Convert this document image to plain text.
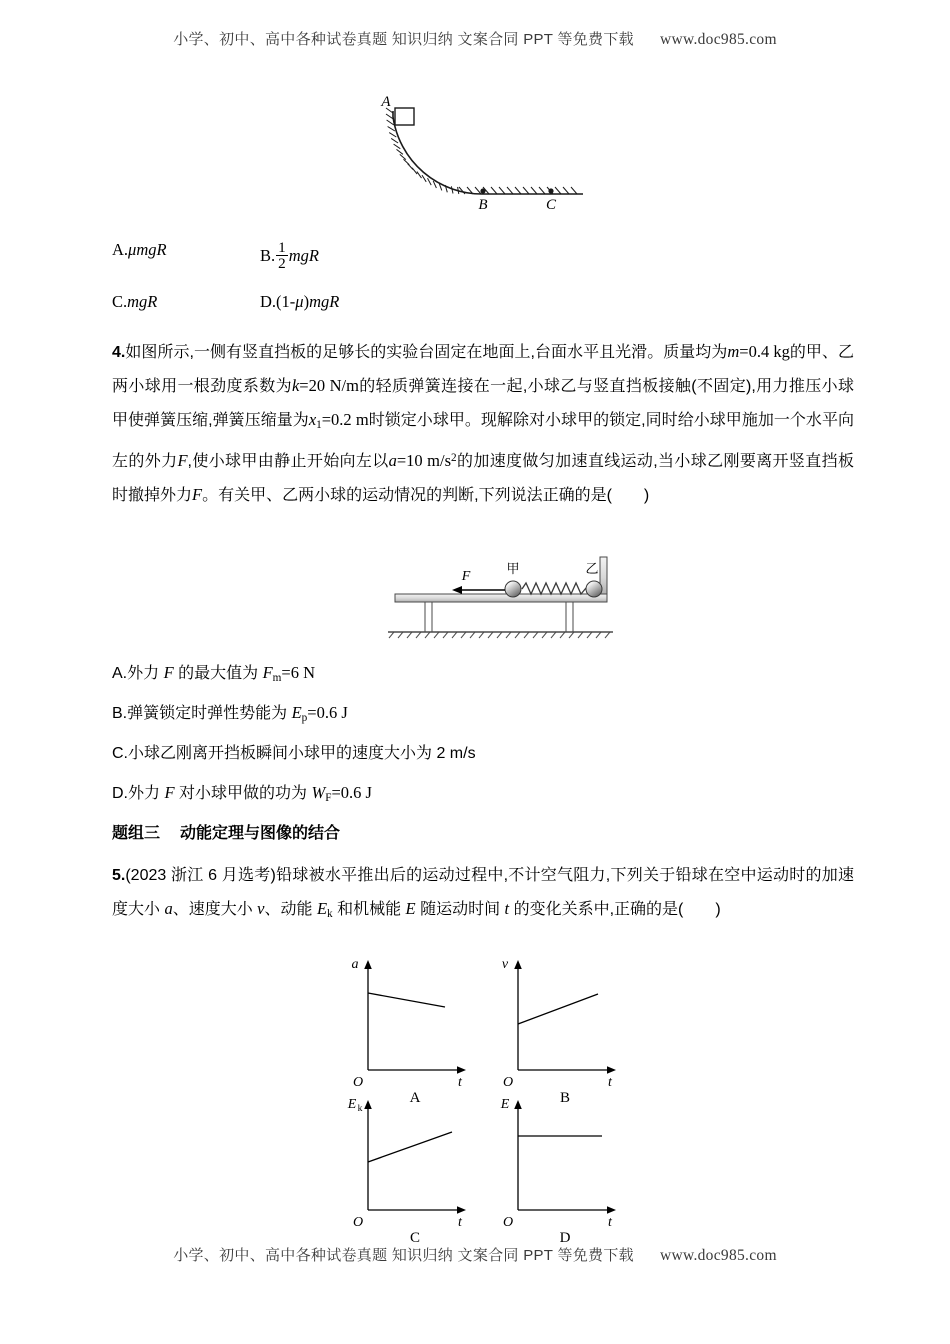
小学、初中、高中各种试卷真题 知识归纳 文案合同 PPT 等免费下载 www.doc985.com
A
B	C
A.μmgR	B. $\frac{1}{2}$ mgR
C.mgR	D.(1-μ)mgR

4.如图所示,一侧有竖直挡板的足够长的实验台固定在地面上,台面水平且光滑。质量均为m=0.4 kg的甲、乙两小球用一根劲度系数为k=20 N/m的轻质弹簧连接在一起,小球乙与竖直挡板接触(不固定),用力推压小球甲使弹簧压缩,弹簧压缩量为$x_1=0.2$ m时锁定小球甲。现解除对小球甲的锁定,同时给小球甲施加一个水平向左的外力F,使小球甲由静止开始向左以a=10 $m/s^2$的加速度做匀加速直线运动,当小球乙刚要离开竖直挡板时撤掉外力F。有关甲、乙两小球的运动情况的判断,下列说法正确的是(　　)

F
甲	乙
A.外力 F 的最大值为 $F_m=6$ N
B.弹簧锁定时弹性势能为 $E_p=0.6$ J
C.小球乙刚离开挡板瞬间小球甲的速度大小为 2 m/s
D.外力 F 对小球甲做的功为 $W_F=0.6$ J
题组三 动能定理与图像的结合

5.(2023 浙江 6 月选考)铅球被水平推出后的运动过程中,不计空气阻力,下列关于铅球在空中运动时的加速度大小 a、速度大小 v、动能 $E_k$ 和机械能 E 随运动时间 t 的变化关系中,正确的是(　　)

a
O	t
A
v
O	t
B
E k
O	t
C
E
O	t
D
小学、初中、高中各种试卷真题 知识归纳 文案合同 PPT 等免费下载 www.doc985.com
